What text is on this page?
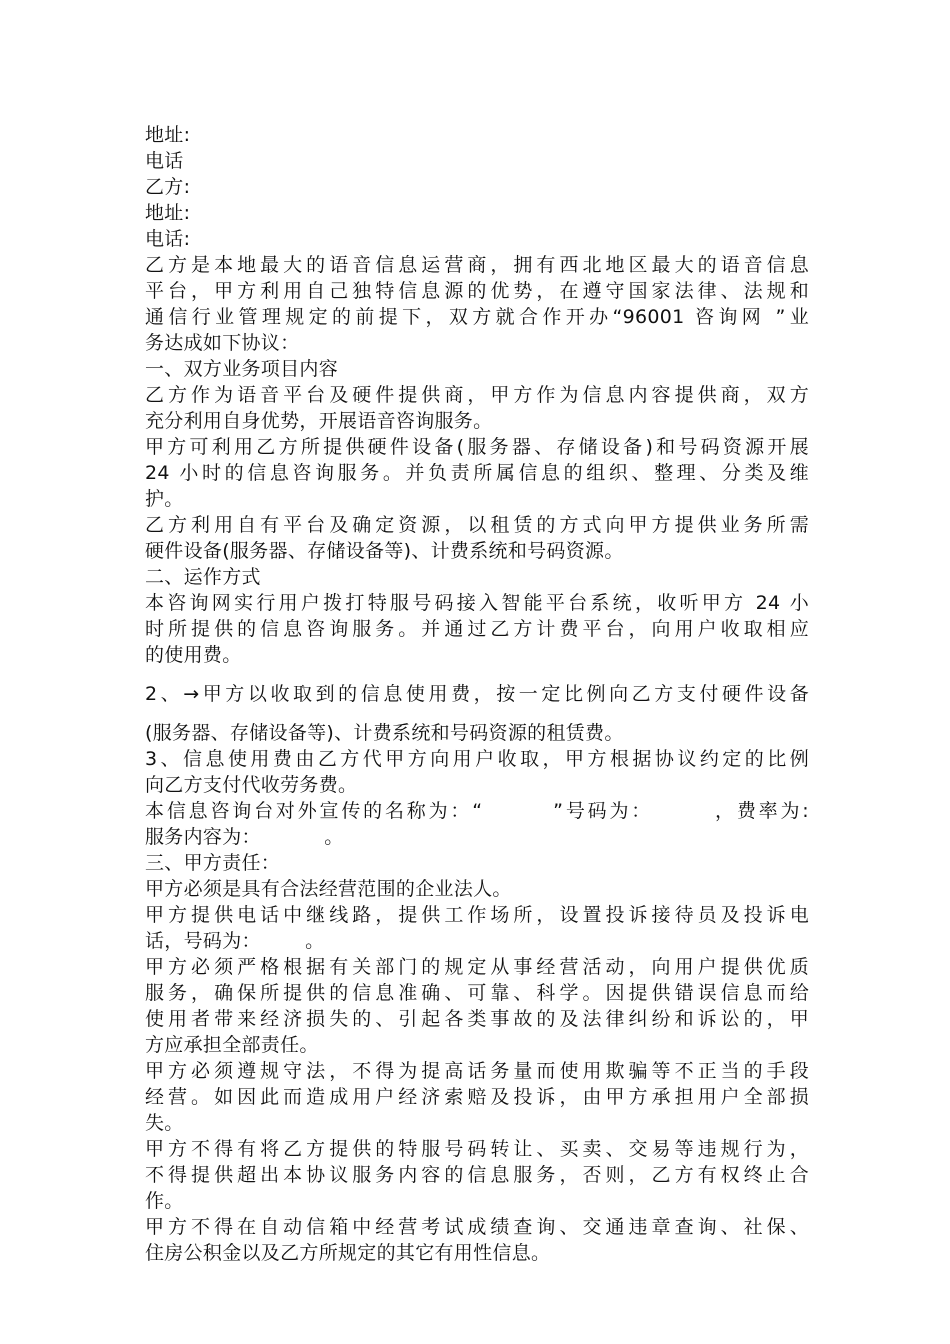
地址:
电话
乙方:
地址:
电话:
乙方是本地最大的语音信息运营商，拥有西北地区最大的语音信息
平台，甲方利用自己独特信息源的优势，在遵守国家法律、法规和
通信行业管理规定的前提下，双方就合作开办“96001 咨询网 ”业
务达成如下协议：
一、双方业务项目内容
乙方作为语音平台及硬件提供商，甲方作为信息内容提供商，双方
充分利用自身优势，开展语音咨询服务。
甲方可利用乙方所提供硬件设备(服务器、存储设备)和号码资源开展
24 小时的信息咨询服务。并负责所属信息的组织、整理、分类及维
护。
乙方利用自有平台及确定资源，以租赁的方式向甲方提供业务所需
硬件设备(服务器、存储设备等)、计费系统和号码资源。
二、运作方式
本咨询网实行用户拨打特服号码接入智能平台系统，收听甲方 24 小
时所提供的信息咨询服务。并通过乙方计费平台，向用户收取相应
的使用费。
2、→甲方以收取到的信息使用费，按一定比例向乙方支付硬件设备
(服务器、存储设备等)、计费系统和号码资源的租赁费。
3、信息使用费由乙方代甲方向用户收取，甲方根据协议约定的比例
向乙方支付代收劳务费。
本信息咨询台对外宣传的名称为：“        ”号码为：       ，费率为:
服务内容为：          。
三、甲方责任：
甲方必须是具有合法经营范围的企业法人。
甲方提供电话中继线路，提供工作场所，设置投诉接待员及投诉电
话，号码为：       。
甲方必须严格根据有关部门的规定从事经营活动，向用户提供优质
服务，确保所提供的信息准确、可靠、科学。因提供错误信息而给
使用者带来经济损失的、引起各类事故的及法律纠纷和诉讼的，甲
方应承担全部责任。
甲方必须遵规守法，不得为提高话务量而使用欺骗等不正当的手段
经营。如因此而造成用户经济索赔及投诉，由甲方承担用户全部损
失。
甲方不得有将乙方提供的特服号码转让、买卖、交易等违规行为，
不得提供超出本协议服务内容的信息服务，否则，乙方有权终止合
作。
甲方不得在自动信箱中经营考试成绩查询、交通违章查询、社保、
住房公积金以及乙方所规定的其它有用性信息。
